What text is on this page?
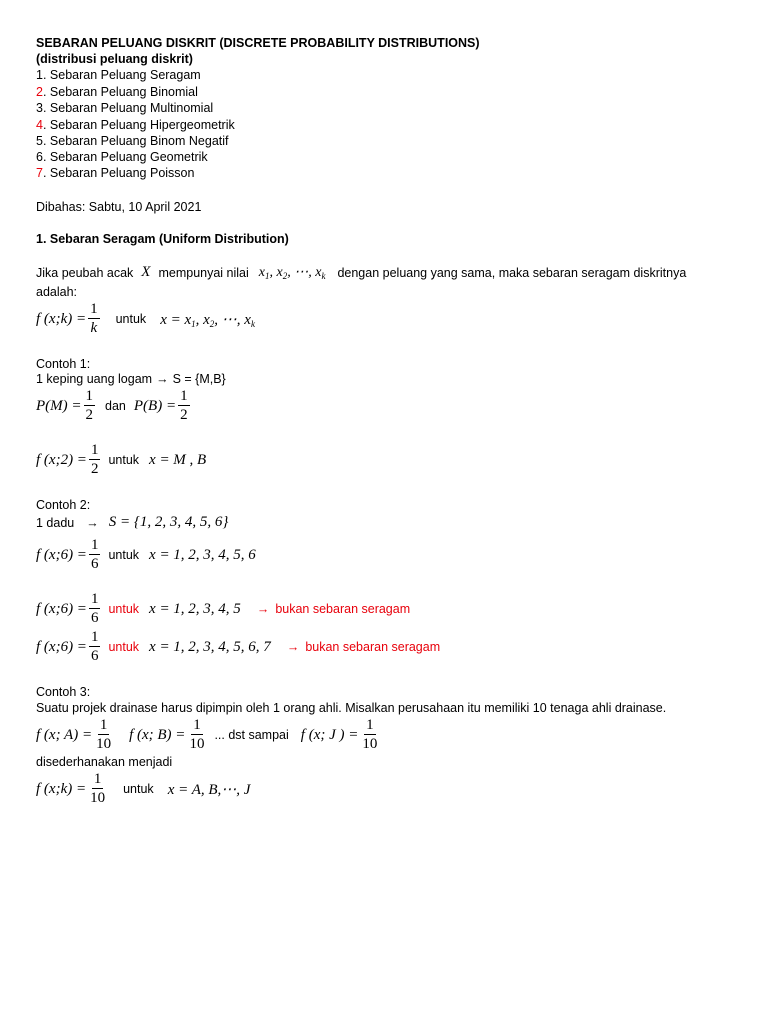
SEBARAN PELUANG DISKRIT (DISCRETE PROBABILITY DISTRIBUTIONS)
(distribusi peluang diskrit)
1. Sebaran Peluang Seragam
2. Sebaran Peluang Binomial
3. Sebaran Peluang Multinomial
4. Sebaran Peluang Hipergeometrik
5. Sebaran Peluang Binom Negatif
6. Sebaran Peluang Geometrik
7. Sebaran Peluang Poisson
Dibahas: Sabtu, 10 April 2021
1. Sebaran Seragam (Uniform Distribution)
Jika peubah acak X mempunyai nilai $x_1$, $x_2$, ⋯, $x_k$ dengan peluang yang sama, maka sebaran seragam diskritnya
adalah:
f (x;k) = $\frac{1}{k}$ untuk $x = x_1$, $x_2$, ⋯, $x_k$
Contoh 1:
1 keping uang logam → S = {M,B}
$P(M) = \frac{1}{2}$ dan $P(B) = \frac{1}{2}$
f (x;2) = $\frac{1}{2}$ untuk x = M , B
Contoh 2:
1 dadu → S = {1, 2, 3, 4, 5, 6}
f (x;6) = $\frac{1}{6}$ untuk x = 1, 2, 3, 4, 5, 6
f (x;6) = $\frac{1}{6}$ untuk x = 1, 2, 3, 4, 5 → bukan sebaran seragam
f (x;6) = $\frac{1}{6}$ untuk x = 1, 2, 3, 4, 5, 6, 7 → bukan sebaran seragam
Contoh 3:
Suatu projek drainase harus dipimpin oleh 1 orang ahli. Misalkan perusahaan itu memiliki 10 tenaga ahli drainase.
f (x; $A) = \frac{1}{10}$ f (x; $B) = \frac{1}{10}$ ... dst sampai f (x; J ) = $\frac{1}{10}$
disederhanakan menjadi
f (x;k) = $\frac{1}{10}$ untuk x = A, B,⋯, J
